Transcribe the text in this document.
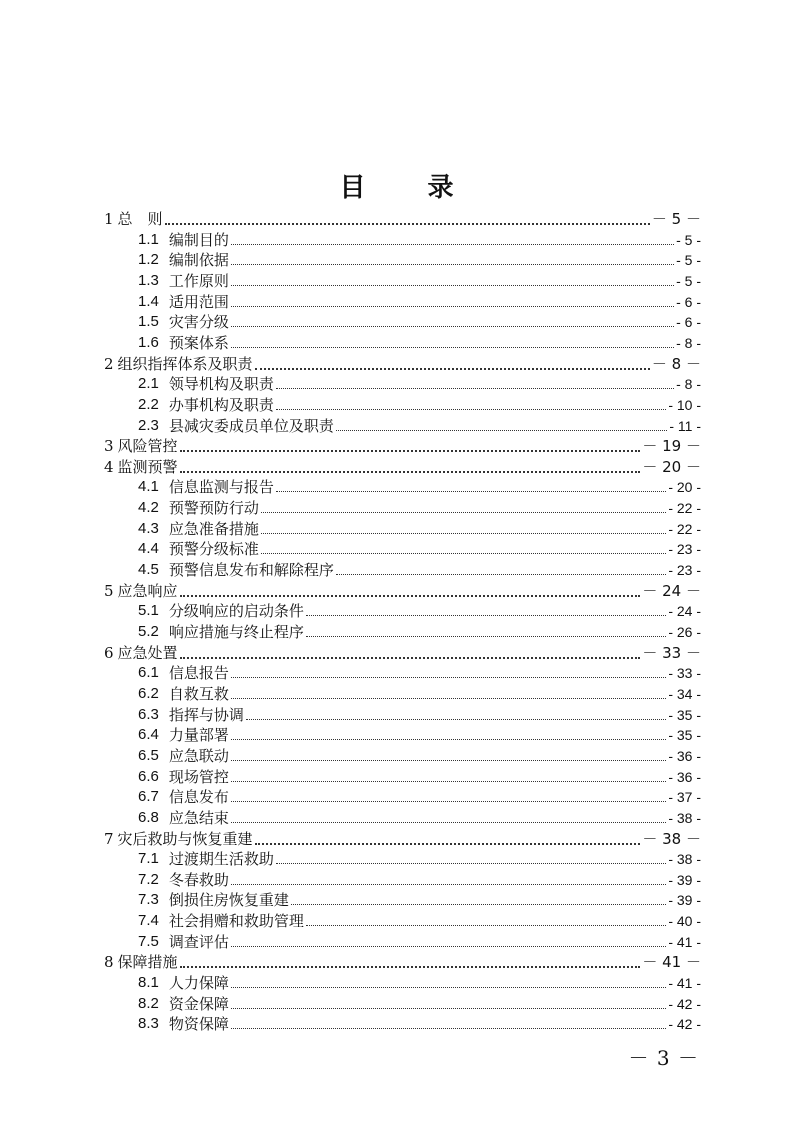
目　录
1 总　则	－ 5 －
1.1 编制目的	- 5 -
1.2 编制依据	- 5 -
1.3 工作原则	- 5 -
1.4 适用范围	- 6 -
1.5 灾害分级	- 6 -
1.6 预案体系	- 8 -
2 组织指挥体系及职责	－ 8 －
2.1 领导机构及职责	- 8 -
2.2 办事机构及职责	- 10 -
2.3 县减灾委成员单位及职责	- 11 -
3 风险管控	－ 19 －
4 监测预警	－ 20 －
4.1 信息监测与报告	- 20 -
4.2 预警预防行动	- 22 -
4.3 应急准备措施	- 22 -
4.4 预警分级标准	- 23 -
4.5 预警信息发布和解除程序	- 23 -
5 应急响应	－ 24 －
5.1 分级响应的启动条件	- 24 -
5.2 响应措施与终止程序	- 26 -
6 应急处置	－ 33 －
6.1 信息报告	- 33 -
6.2 自救互救	- 34 -
6.3 指挥与协调	- 35 -
6.4 力量部署	- 35 -
6.5 应急联动	- 36 -
6.6 现场管控	- 36 -
6.7 信息发布	- 37 -
6.8 应急结束	- 38 -
7 灾后救助与恢复重建	－ 38 －
7.1 过渡期生活救助	- 38 -
7.2 冬春救助	- 39 -
7.3 倒损住房恢复重建	- 39 -
7.4 社会捐赠和救助管理	- 40 -
7.5 调查评估	- 41 -
8 保障措施	－ 41 －
8.1 人力保障	- 41 -
8.2 资金保障	- 42 -
8.3 物资保障	- 42 -
－ 3 －
